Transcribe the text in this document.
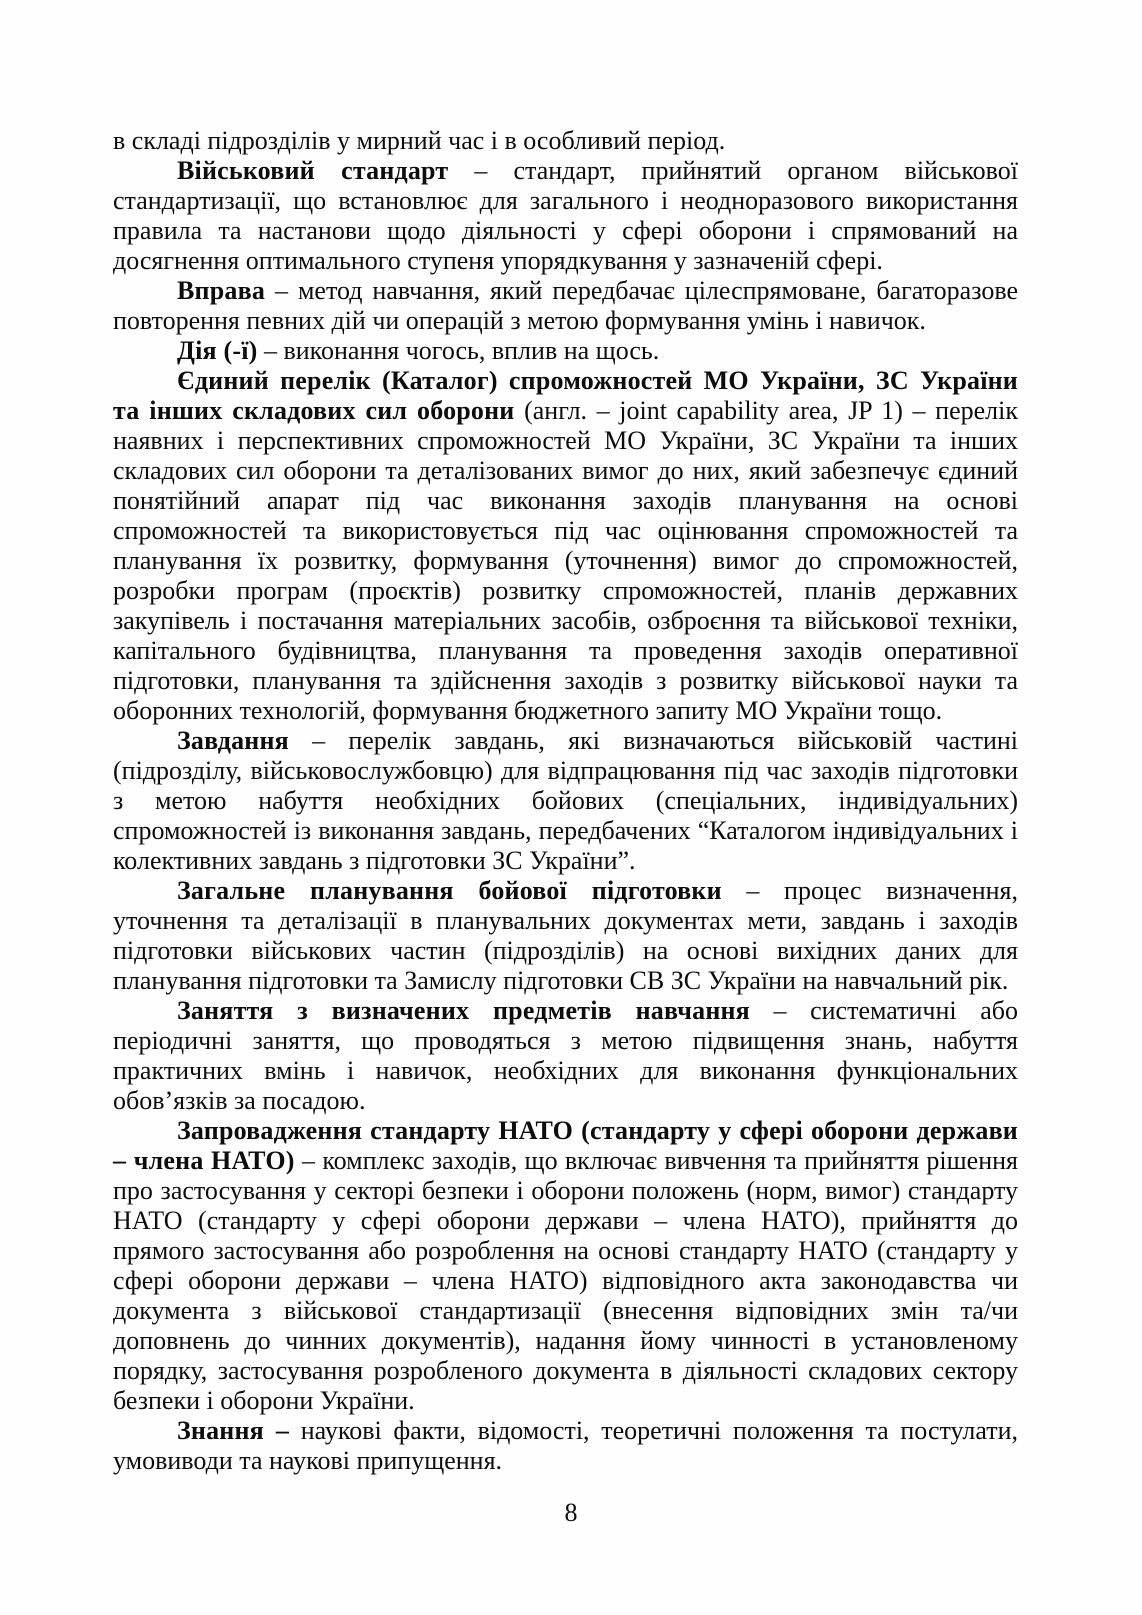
в складі підрозділів у мирний час і в особливий період.

Військовий стандарт – стандарт, прийнятий органом військової стандартизації, що встановлює для загального і неодноразового використання правила та настанови щодо діяльності у сфері оборони і спрямований на досягнення оптимального ступеня упорядкування у зазначеній сфері.

Вправа – метод навчання, який передбачає цілеспрямоване, багаторазове повторення певних дій чи операцій з метою формування умінь і навичок.

Дія (-ї) – виконання чогось, вплив на щось.

Єдиний перелік (Каталог) спроможностей МО України, ЗС України та інших складових сил оборони (англ. – joint capability area, JP 1) – перелік наявних і перспективних спроможностей МО України, ЗС України та інших складових сил оборони та деталізованих вимог до них, який забезпечує єдиний понятійний апарат під час виконання заходів планування на основі спроможностей та використовується під час оцінювання спроможностей та планування їх розвитку, формування (уточнення) вимог до спроможностей, розробки програм (проєктів) розвитку спроможностей, планів державних закупівель і постачання матеріальних засобів, озброєння та військової техніки, капітального будівництва, планування та проведення заходів оперативної підготовки, планування та здійснення заходів з розвитку військової науки та оборонних технологій, формування бюджетного запиту МО України тощо.

Завдання – перелік завдань, які визначаються військовій частині (підрозділу, військовослужбовцю) для відпрацювання під час заходів підготовки з метою набуття необхідних бойових (спеціальних, індивідуальних) спроможностей із виконання завдань, передбачених “Каталогом індивідуальних і колективних завдань з підготовки ЗС України”.

Загальне планування бойової підготовки – процес визначення, уточнення та деталізації в планувальних документах мети, завдань і заходів підготовки військових частин (підрозділів) на основі вихідних даних для планування підготовки та Замислу підготовки СВ ЗС України на навчальний рік.

Заняття з визначених предметів навчання – систематичні або періодичні заняття, що проводяться з метою підвищення знань, набуття практичних вмінь і навичок, необхідних для виконання функціональних обов’язків за посадою.

Запровадження стандарту НАТО (стандарту у сфері оборони держави – члена НАТО) – комплекс заходів, що включає вивчення та прийняття рішення про застосування у секторі безпеки і оборони положень (норм, вимог) стандарту НАТО (стандарту у сфері оборони держави – члена НАТО), прийняття до прямого застосування або розроблення на основі стандарту НАТО (стандарту у сфері оборони держави – члена НАТО) відповідного акта законодавства чи документа з військової стандартизації (внесення відповідних змін та/чи доповнень до чинних документів), надання йому чинності в установленому порядку, застосування розробленого документа в діяльності складових сектору безпеки і оборони України.

Знання – наукові факти, відомості, теоретичні положення та постулати, умовиводи та наукові припущення.

8
